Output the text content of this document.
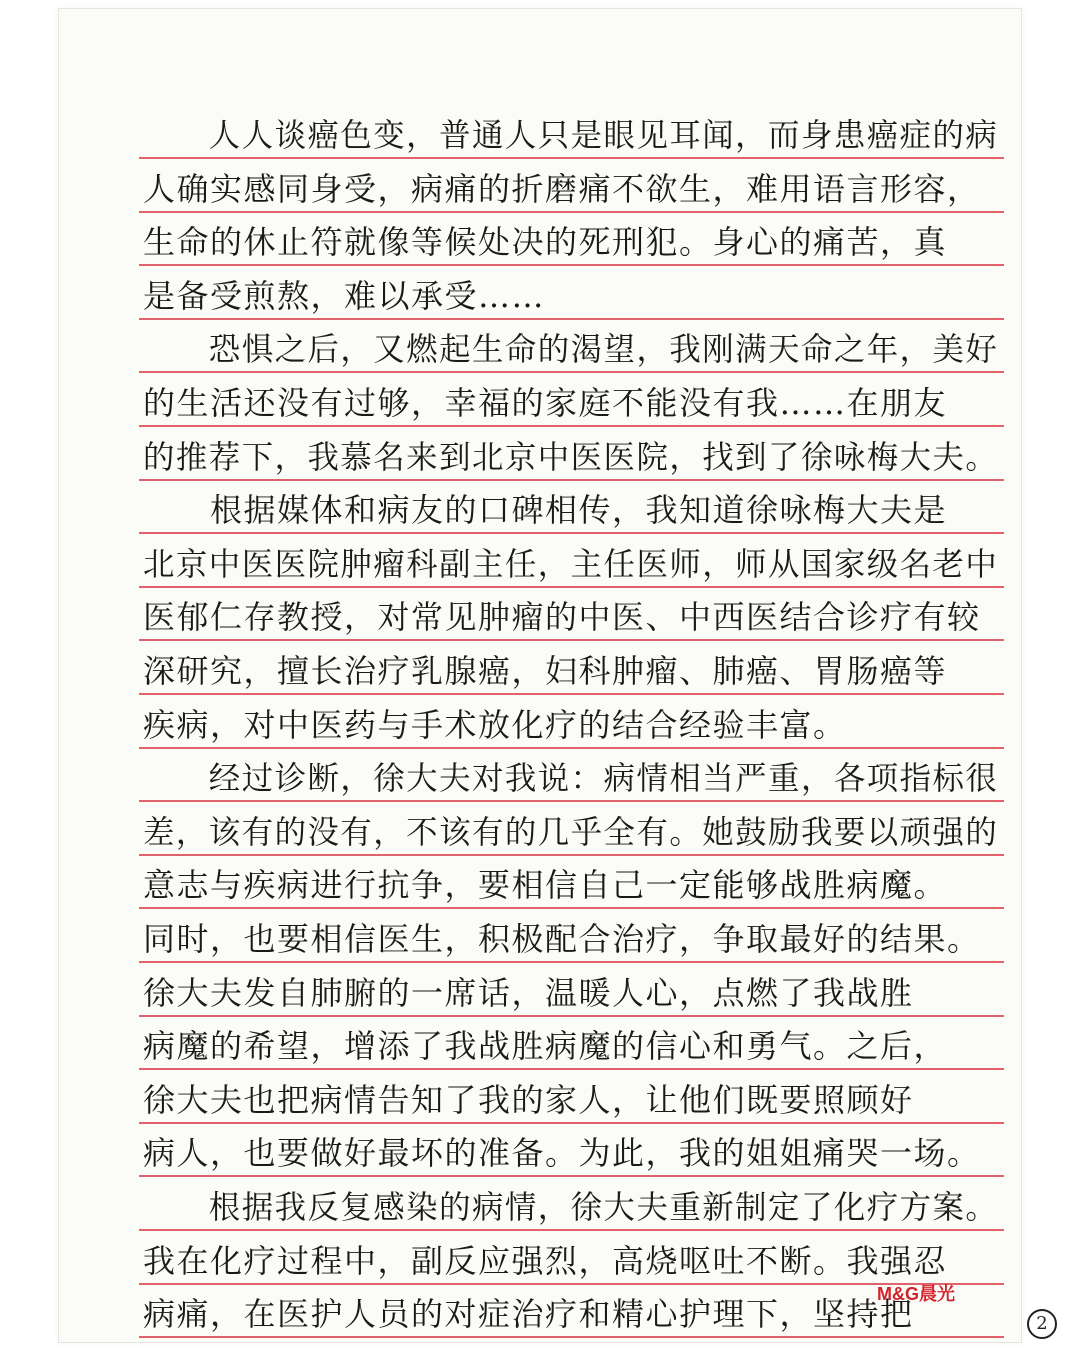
　　人人谈癌色变，普通人只是眼见耳闻，而身患癌症的病
人确实感同身受，病痛的折磨痛不欲生，难用语言形容，
生命的休止符就像等候处决的死刑犯。身心的痛苦，真
是备受煎熬，难以承受……
　　恐惧之后，又燃起生命的渴望，我刚满天命之年，美好
的生活还没有过够，幸福的家庭不能没有我……在朋友
的推荐下，我慕名来到北京中医医院，找到了徐咏梅大夫。
　　根据媒体和病友的口碑相传，我知道徐咏梅大夫是
北京中医医院肿瘤科副主任，主任医师，师从国家级名老中
医郁仁存教授，对常见肿瘤的中医、中西医结合诊疗有较
深研究，擅长治疗乳腺癌，妇科肿瘤、肺癌、胃肠癌等
疾病，对中医药与手术放化疗的结合经验丰富。
　　经过诊断，徐大夫对我说：病情相当严重，各项指标很
差，该有的没有，不该有的几乎全有。她鼓励我要以顽强的
意志与疾病进行抗争，要相信自己一定能够战胜病魔。
同时，也要相信医生，积极配合治疗，争取最好的结果。
徐大夫发自肺腑的一席话，温暖人心，点燃了我战胜
病魔的希望，增添了我战胜病魔的信心和勇气。之后，
徐大夫也把病情告知了我的家人，让他们既要照顾好
病人，也要做好最坏的准备。为此，我的姐姐痛哭一场。
　　根据我反复感染的病情，徐大夫重新制定了化疗方案。
我在化疗过程中，副反应强烈，高烧呕吐不断。我强忍
病痛，在医护人员的对症治疗和精心护理下，坚持把
M&G晨光
2
